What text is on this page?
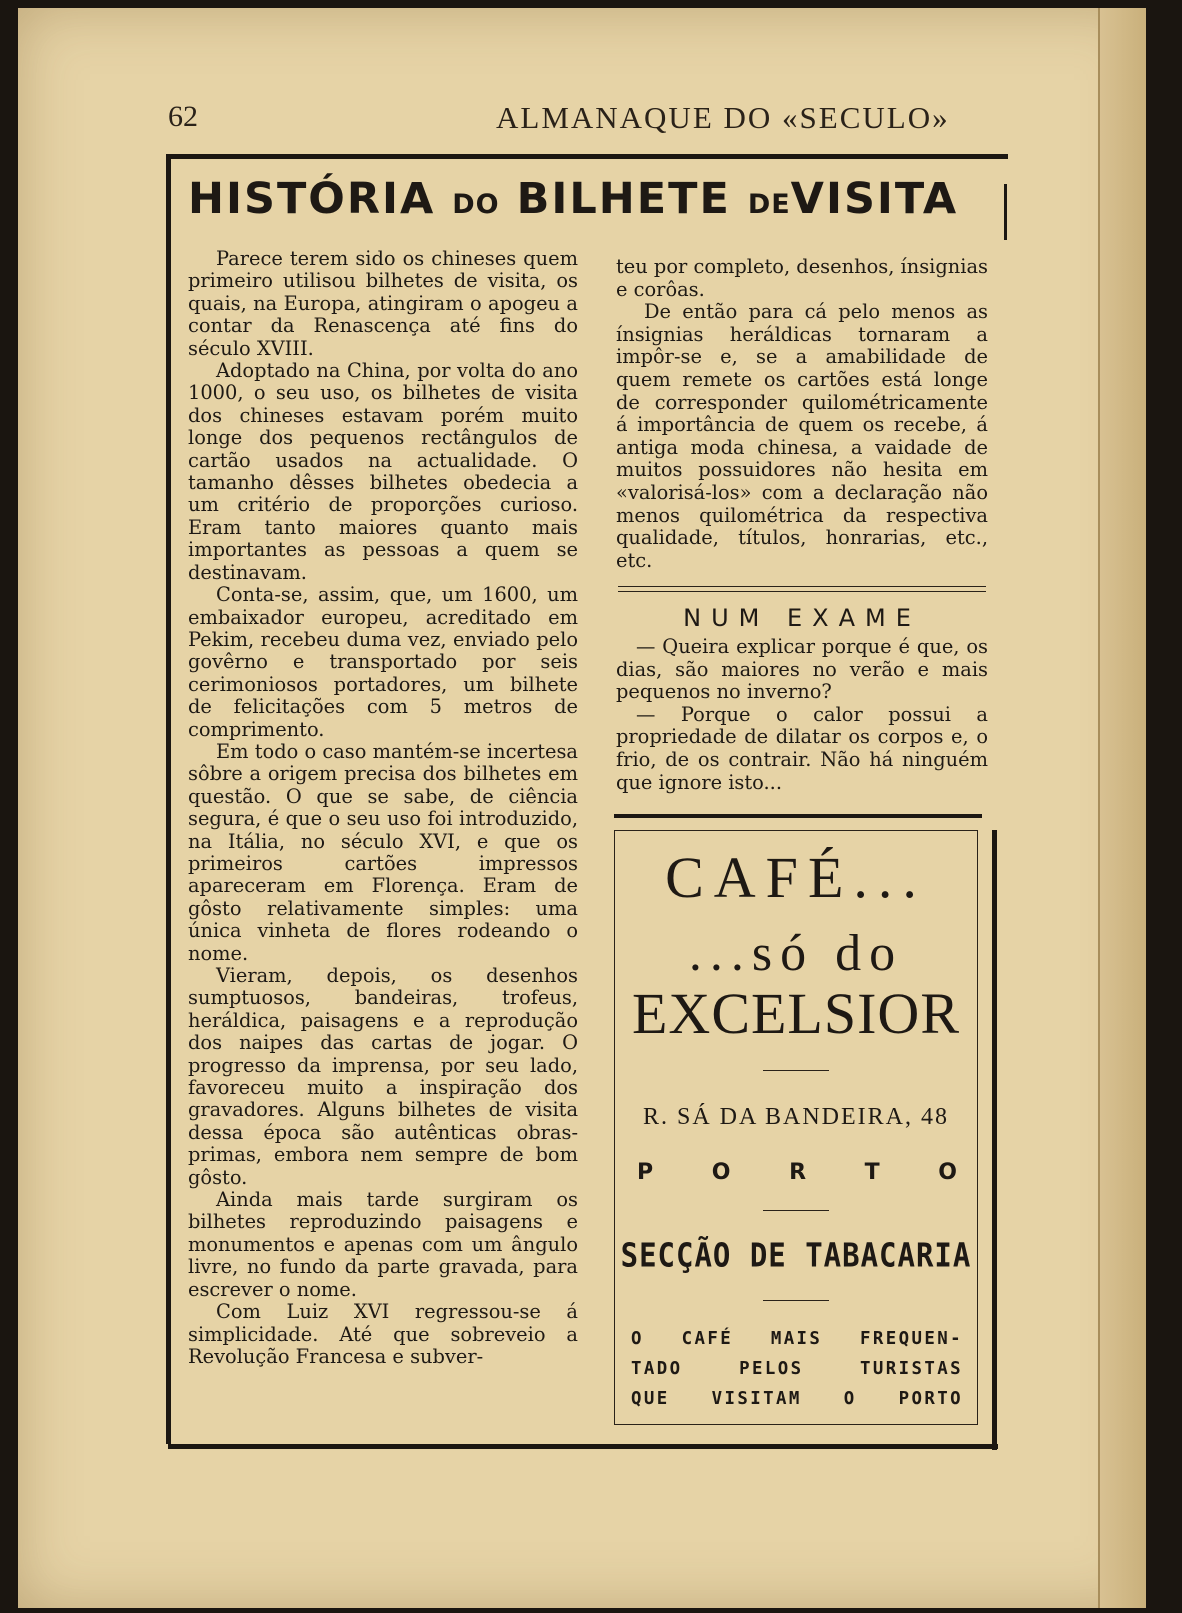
62	ALMANAQUE DO «SECULO»
HISTÓRIA DO BILHETE DEVISITA

Parece terem sido os chineses quem primeiro utilisou bilhetes de visita, os quais, na Europa, atingiram o apogeu a contar da Renascença até fins do século XVIII.

Adoptado na China, por volta do ano 1000, o seu uso, os bilhetes de visita dos chineses estavam porém muito longe dos pequenos rectângulos de cartão usados na actualidade. O tamanho dêsses bilhetes obedecia a um critério de proporções curioso. Eram tanto maiores quanto mais importantes as pessoas a quem se destinavam.

Conta-se, assim, que, um 1600, um embaixador europeu, acreditado em Pekim, recebeu duma vez, enviado pelo govêrno e transportado por seis cerimoniosos portadores, um bilhete de felicitações com 5 metros de comprimento.

Em todo o caso mantém-se incertesa sôbre a origem precisa dos bilhetes em questão. O que se sabe, de ciência segura, é que o seu uso foi introduzido, na Itália, no século XVI, e que os primeiros cartões impressos apareceram em Florença. Eram de gôsto relativamente simples: uma única vinheta de flores rodeando o nome.

Vieram, depois, os desenhos sumptuosos, bandeiras, trofeus, heráldica, paisagens e a reprodução dos naipes das cartas de jogar. O progresso da imprensa, por seu lado, favoreceu muito a inspiração dos gravadores. Alguns bilhetes de visita dessa época são autênticas obras-primas, embora nem sempre de bom gôsto.

Ainda mais tarde surgiram os bilhetes reproduzindo paisagens e monumentos e apenas com um ângulo livre, no fundo da parte gravada, para escrever o nome.

Com Luiz XVI regressou-se á simplicidade. Até que sobreveio a Revolução Francesa e subver-

teu por completo, desenhos, ínsignias e corôas.

De então para cá pelo menos as ínsignias heráldicas tornaram a impôr-se e, se a amabilidade de quem remete os cartões está longe de corresponder quilométricamente á importância de quem os recebe, á antiga moda chinesa, a vaidade de muitos possuidores não hesita em «valorisá-los» com a declaração não menos quilométrica da respectiva qualidade, títulos, honrarias, etc., etc.

NUM EXAME

— Queira explicar porque é que, os dias, são maiores no verão e mais pequenos no inverno?

— Porque o calor possui a propriedade de dilatar os corpos e, o frio, de os contrair. Não há ninguém que ignore isto...

CAFÉ...
...só do
EXCELSIOR
R. SÁ DA BANDEIRA, 48
P	O	R	T	O
SECÇÃO DE TABACARIA
O CAFÉ MAIS FREQUEN-
TADO PELOS TURISTAS
QUE VISITAM O PORTO
